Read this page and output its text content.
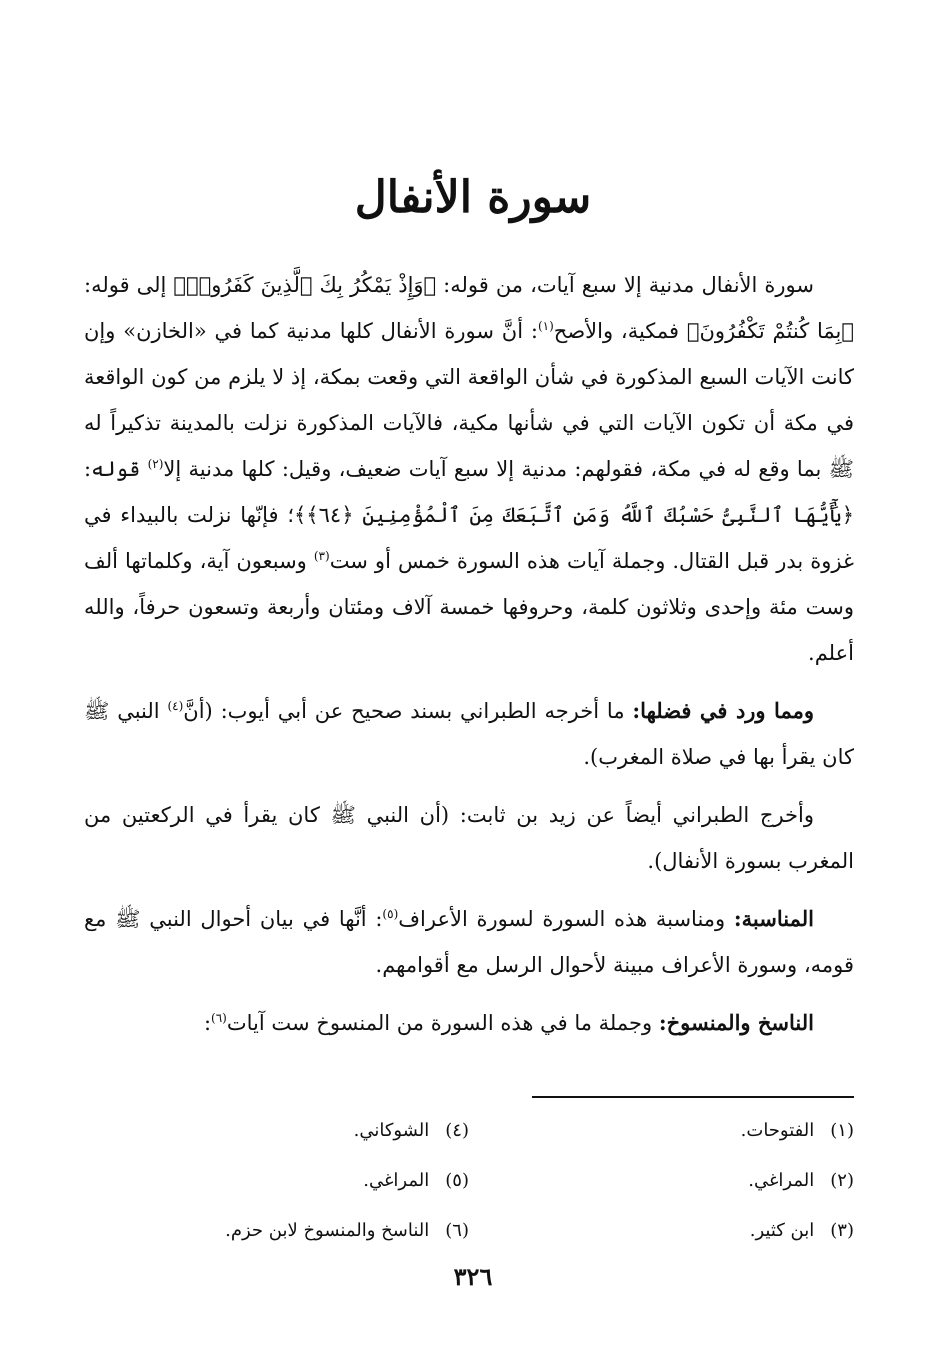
سورة الأنفال

سورة الأنفال مدنية إلا سبع آيات، من قوله: ﴿وَإِذْ يَمْكُرُ بِكَ ٱلَّذِينَ كَفَرُوا۟﴾ إلى قوله: ﴿بِمَا كُنتُمْ تَكْفُرُونَ﴾ فمكية، والأصح$^{(١)}$: أنَّ سورة الأنفال كلها مدنية كما في «الخازن» وإن كانت الآيات السبع المذكورة في شأن الواقعة التي وقعت بمكة، إذ لا يلزم من كون الواقعة في مكة أن تكون الآيات التي في شأنها مكية، فالآيات المذكورة نزلت بالمدينة تذكيراً له ﷺ بما وقع له في مكة، فقولهم: مدنية إلا سبع آيات ضعيف، وقيل: كلها مدنية إلا$^{(٢)}$ قوله: ﴿يَٰٓأَيُّهَا ٱلنَّبِىُّ حَسْبُكَ ٱللَّهُ وَمَنِ ٱتَّبَعَكَ مِنَ ٱلْمُؤْمِنِينَ ﴿٦٤﴾﴾؛ فإنّها نزلت بالبيداء في غزوة بدر قبل القتال. وجملة آيات هذه السورة خمس أو ست$^{(٣)}$ وسبعون آية، وكلماتها ألف وست مئة وإحدى وثلاثون كلمة، وحروفها خمسة آلاف ومئتان وأربعة وتسعون حرفاً، والله أعلم.

ومما ورد في فضلها: ما أخرجه الطبراني بسند صحيح عن أبي أيوب: (أنَّ$^{(٤)}$ النبي ﷺ كان يقرأ بها في صلاة المغرب).

وأخرج الطبراني أيضاً عن زيد بن ثابت: (أن النبي ﷺ كان يقرأ في الركعتين من المغرب بسورة الأنفال).

المناسبة: ومناسبة هذه السورة لسورة الأعراف$^{(٥)}$: أنَّها في بيان أحوال النبي ﷺ مع قومه، وسورة الأعراف مبينة لأحوال الرسل مع أقوامهم.

الناسخ والمنسوخ: وجملة ما في هذه السورة من المنسوخ ست آيات$^{(٦)}$:

(١)الفتوحات.
(٤)الشوكاني.
(٢)المراغي.
(٥)المراغي.
(٣)ابن كثير.
(٦)الناسخ والمنسوخ لابن حزم.
٣٢٦
